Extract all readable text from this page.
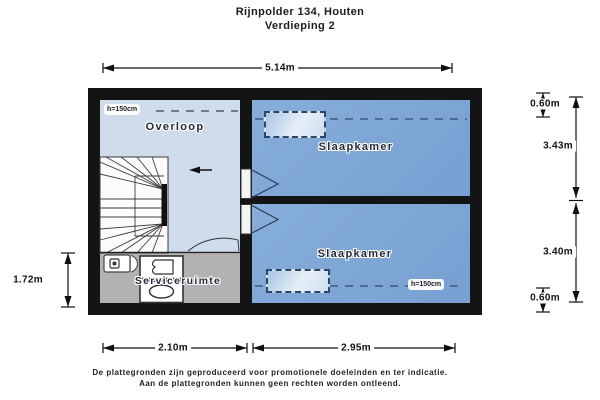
Rijnpolder 134, Houten
Verdieping 2
h=150cm
Overloop
Slaapkamer
Slaapkamer
h=150cm
Serviceruimte
5.14m
0.60m
3.43m
3.40m
0.60m
1.72m
2.10m	2.95m
De plattegronden zijn geproduceerd voor promotionele doeleinden en ter indicatie.
Aan de plattegronden kunnen geen rechten worden ontleend.
